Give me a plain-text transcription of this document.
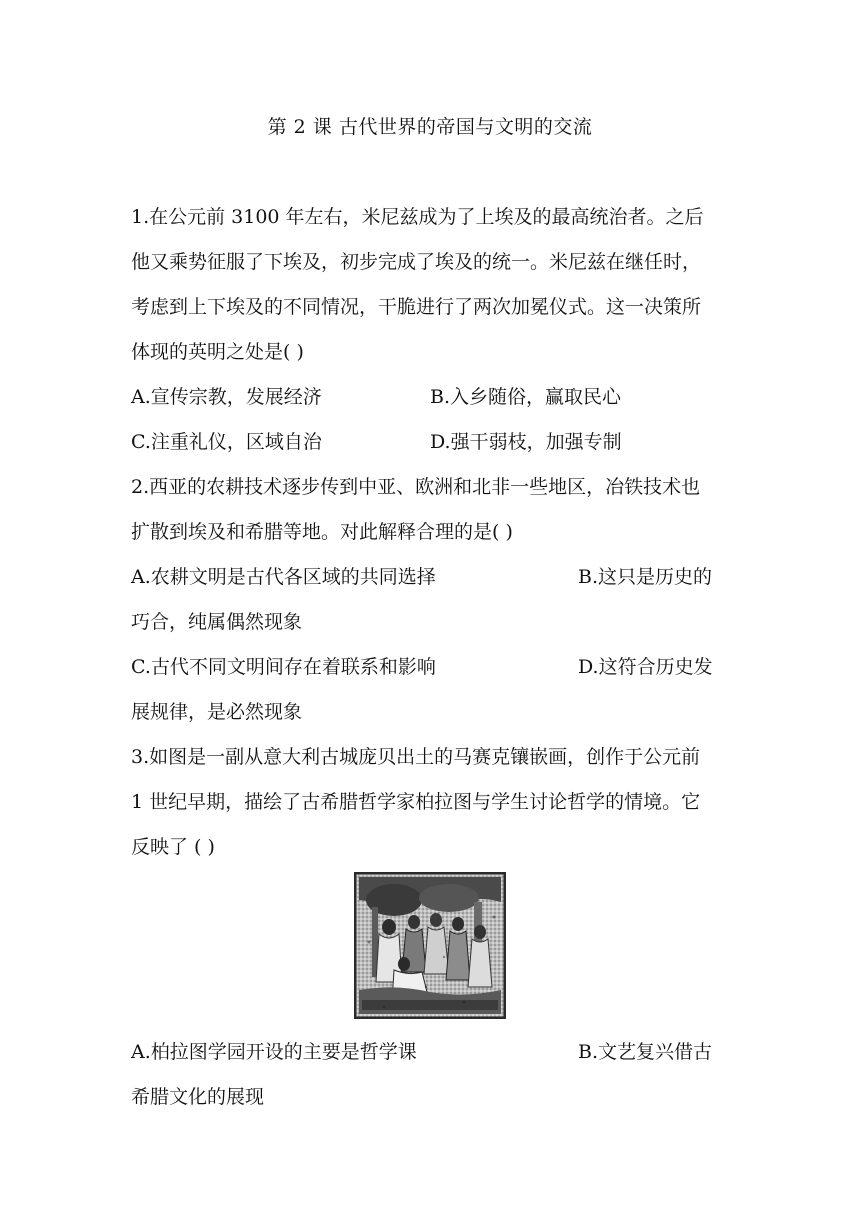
第 2 课 古代世界的帝国与文明的交流
1.在公元前 3100 年左右，米尼兹成为了上埃及的最高统治者。之后
他又乘势征服了下埃及，初步完成了埃及的统一。米尼兹在继任时，
考虑到上下埃及的不同情况，干脆进行了两次加冕仪式。这一决策所
体现的英明之处是( )
A.宣传宗教，发展经济	B.入乡随俗，赢取民心
C.注重礼仪，区域自治	D.强干弱枝，加强专制
2.西亚的农耕技术逐步传到中亚、欧洲和北非一些地区，冶铁技术也
扩散到埃及和希腊等地。对此解释合理的是( )
A.农耕文明是古代各区域的共同选择	B.这只是历史的
巧合，纯属偶然现象
C.古代不同文明间存在着联系和影响	D.这符合历史发
展规律，是必然现象
3.如图是一副从意大利古城庞贝出土的马赛克镶嵌画，创作于公元前
1 世纪早期，描绘了古希腊哲学家柏拉图与学生讨论哲学的情境。它
反映了 ( )
A.柏拉图学园开设的主要是哲学课	B.文艺复兴借古
希腊文化的展现
